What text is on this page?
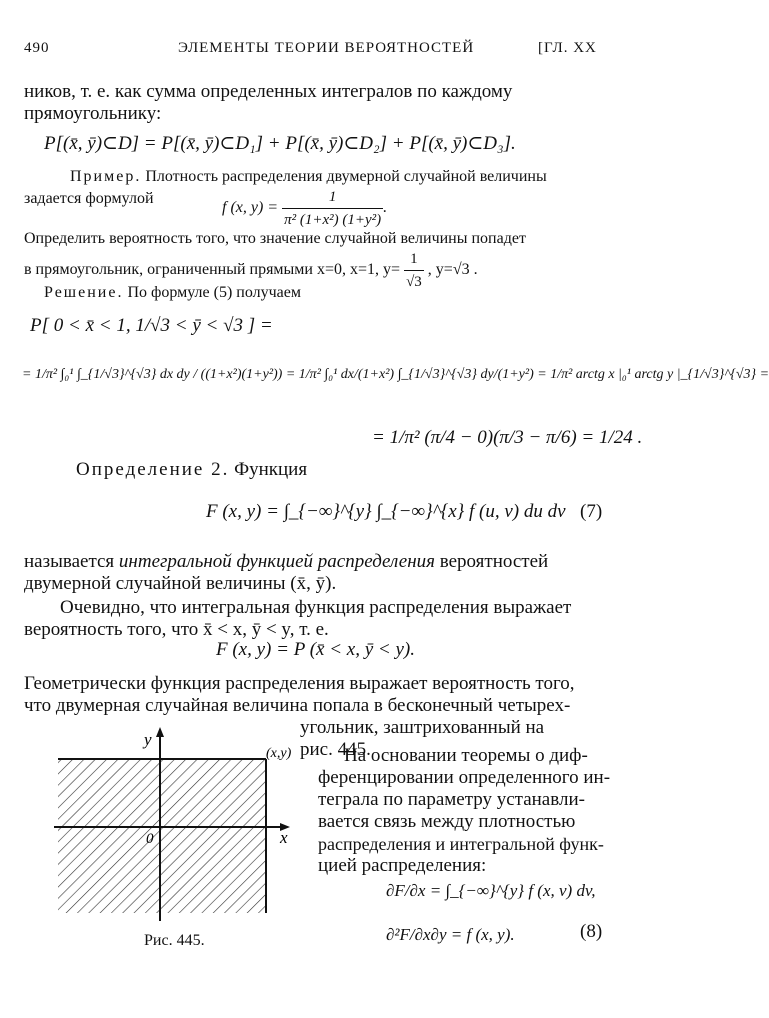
490	ЭЛЕМЕНТЫ ТЕОРИИ ВЕРОЯТНОСТЕЙ	[ГЛ. XX
ников, т. е. как сумма определенных интегралов по каждому
прямоугольнику:
P[(x̄, ȳ)⊂D] = P[(x̄, ȳ)⊂D₁] + P[(x̄, ȳ)⊂D₂] + P[(x̄, ȳ)⊂D₃].
Пример. Плотность распределения двумерной случайной величины
задается формулой
f (x, $y) = \frac{1}{\text{π² (1+x²) (1+y²)}}$ .
Определить вероятность того, что значение случайной величины попадет
в прямоугольник, ограниченный прямыми x=0, x=1, $y= \frac{1}{√3}$ , y=√3 .
Решение. По формуле (5) получаем
P[ 0 < x̄ < 1, 1/√3 < ȳ < √3 ] =
= 1/π² ∫₀¹ ∫_{1/√3}^{√3} dx dy / ((1+x²)(1+y²)) = 1/π² ∫₀¹ dx/(1+x²) ∫_{1/√3}^{√3} dy/(1+y²) = 1/π² arctg x |₀¹ arctg y |_{1/√3}^{√3} =
= 1/π² (π/4 − 0)(π/3 − π/6) = 1/24 .
Определение 2. Функция
F (x, y) = ∫_{−∞}^{y} ∫_{−∞}^{x} f (u, v) du dv (7)
называется интегральной функцией распределения вероятностей
двумерной случайной величины (x̄, ȳ).
Очевидно, что интегральная функция распределения выражает
вероятность того, что x̄ < x, ȳ < y, т. е.
F (x, y) = P (x̄ < x, ȳ < y).
Геометрически функция распределения выражает вероятность того,
что двумерная случайная величина попала в бесконечный четырех-
угольник, заштрихованный на
рис. 445.
На основании теоремы о диф-
ференцировании определенного ин-
теграла по параметру устанавли-
вается связь между плотностью
распределения и интегральной функ-
цией распределения:
∂F/∂x = ∫_{−∞}^{y} f (x, v) dv,
∂²F/∂x∂y = f (x, y).	(8)
y
x
0
(x,y)
Рис. 445.
